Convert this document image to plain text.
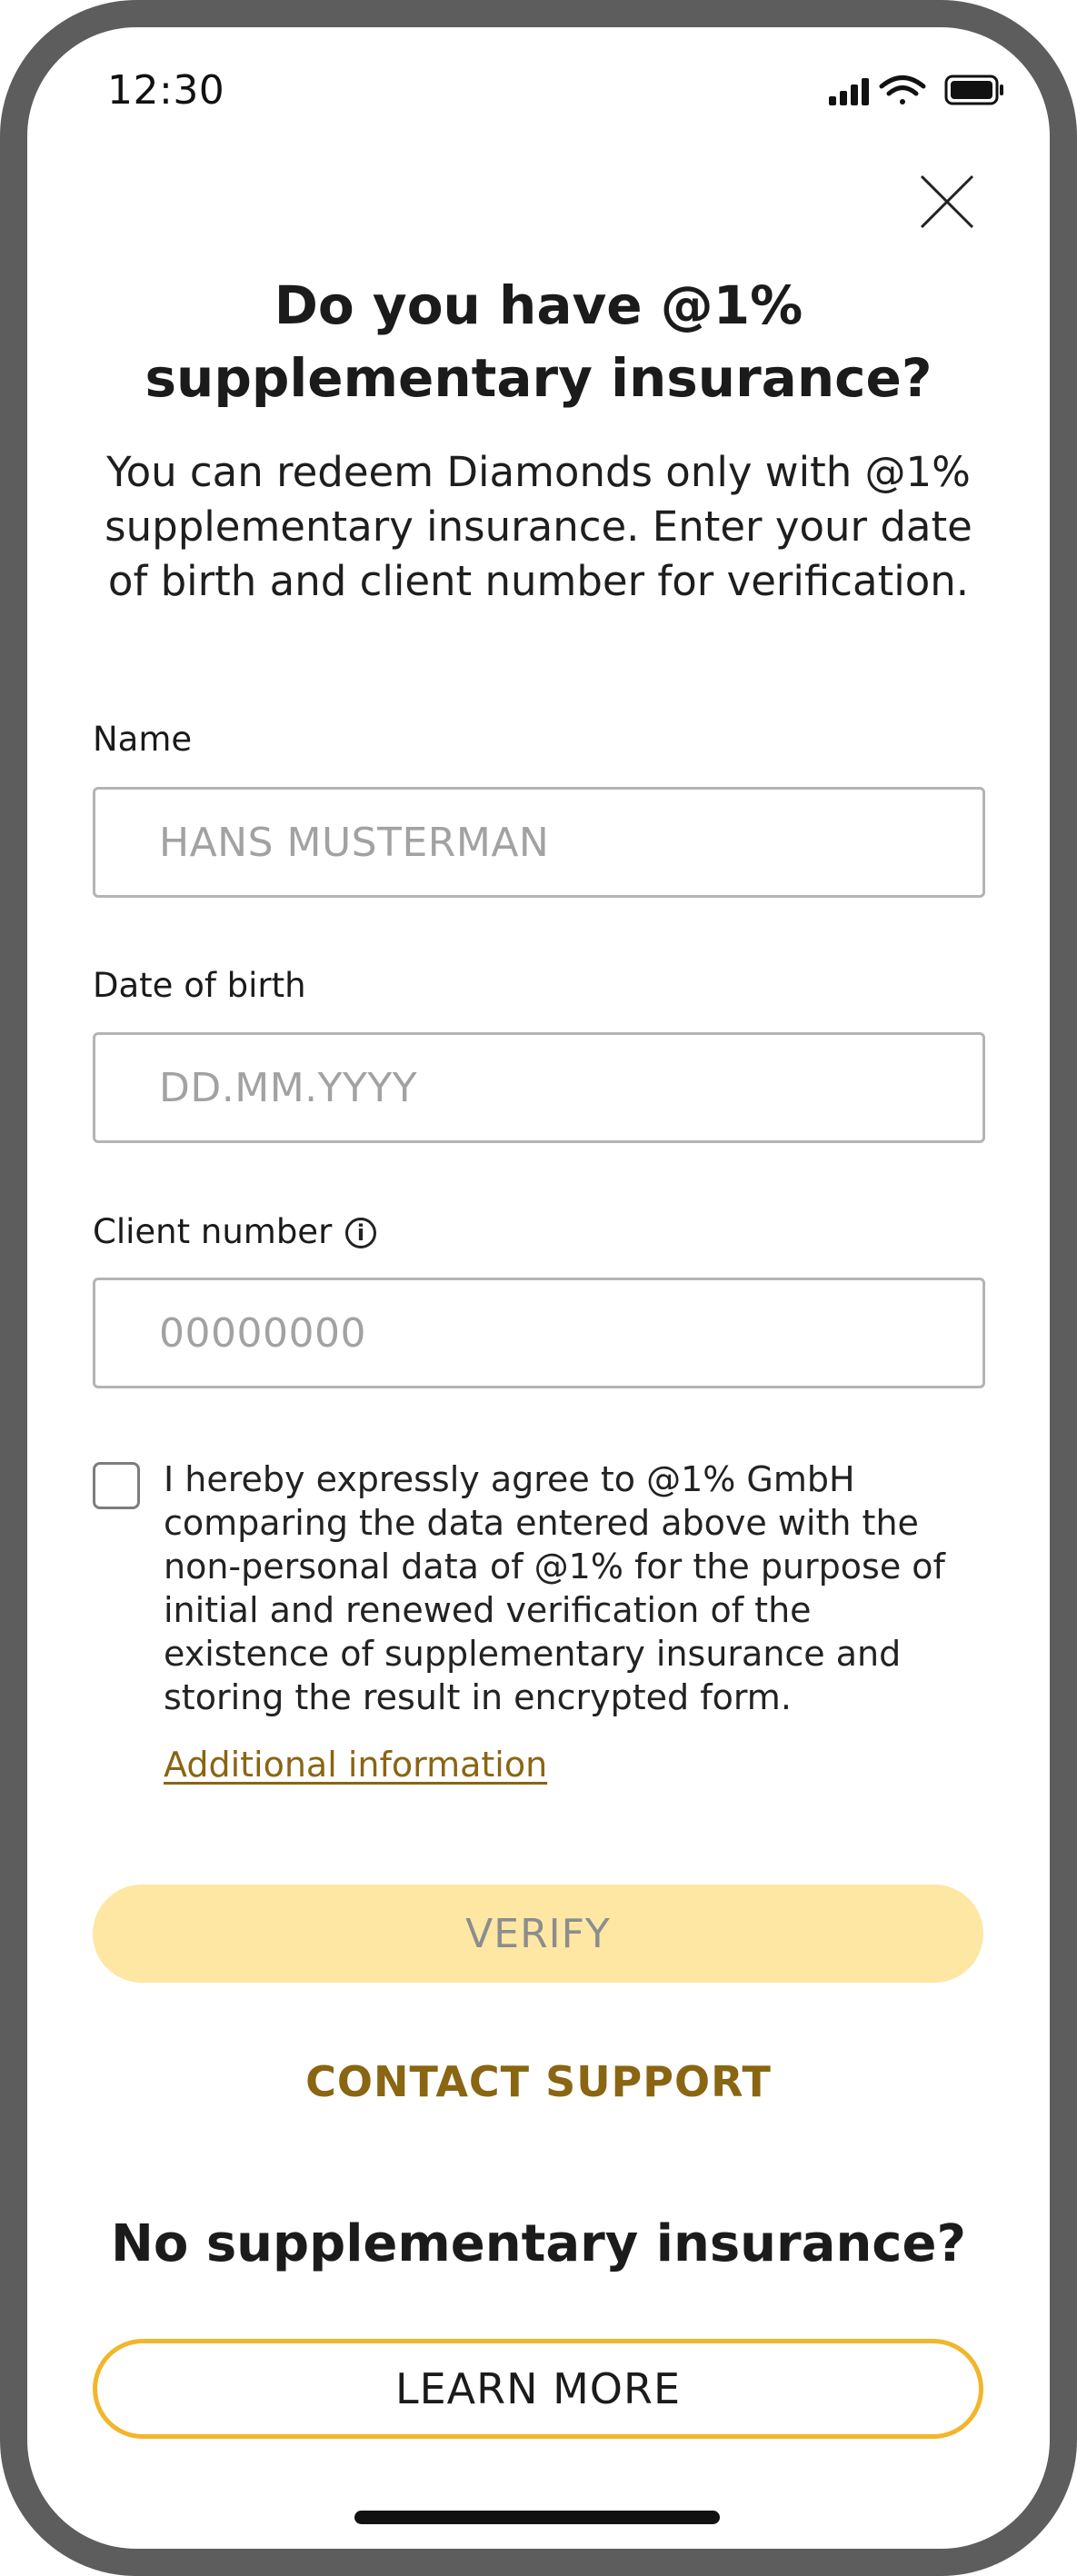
12:30
Do you have @1%
supplementary insurance?
You can redeem Diamonds only with @1% supplementary insurance. Enter your date of birth and client number for verification.
Name
HANS MUSTERMAN
Date of birth
DD.MM.YYYY
Client number	i
00000000
I hereby expressly agree to @1% GmbH comparing the data entered above with the non-personal data of @1% for the purpose of initial and renewed verification of the existence of supplementary insurance and storing the result in encrypted form.
Additional information
VERIFY
CONTACT SUPPORT
No supplementary insurance?
LEARN MORE
